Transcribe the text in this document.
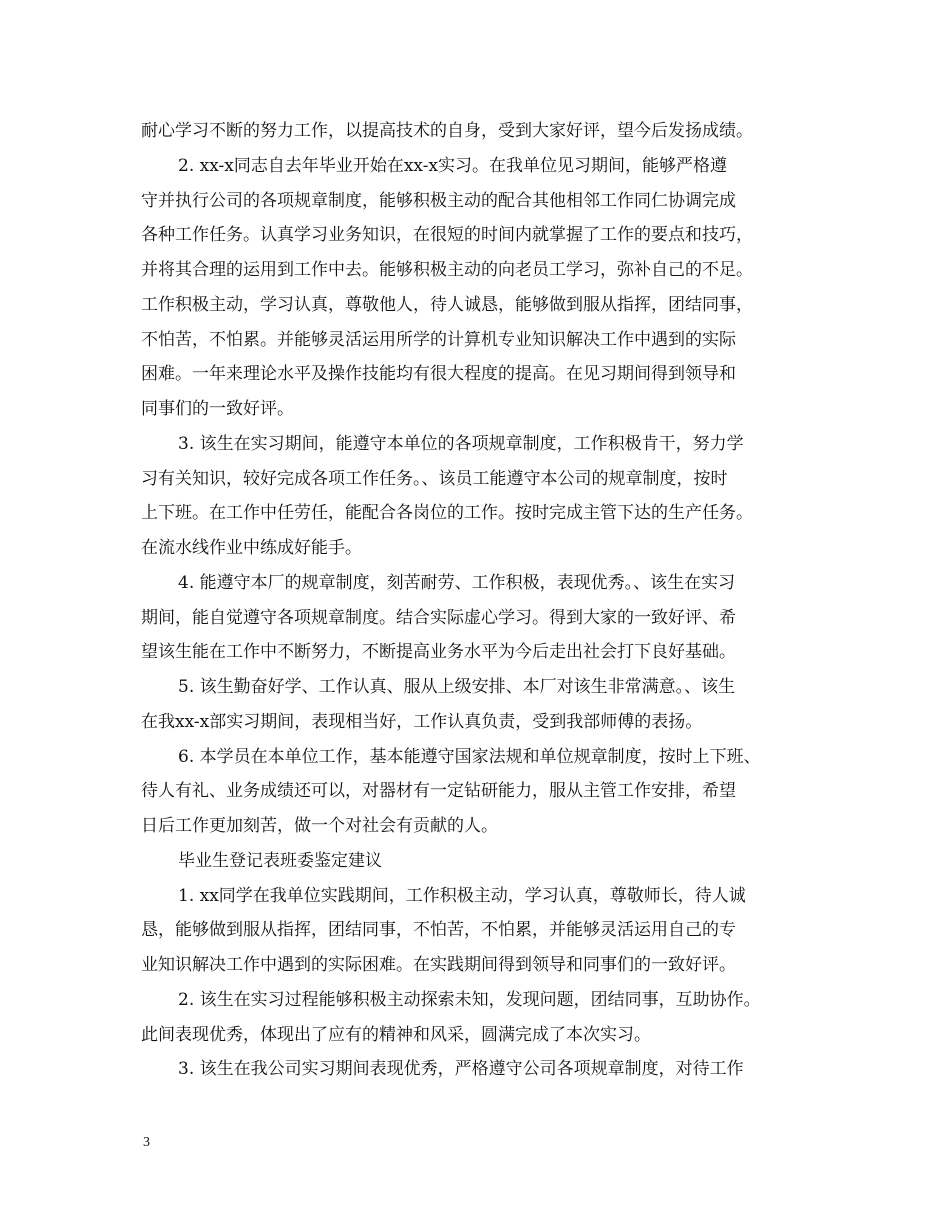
耐心学习不断的努力工作，以提高技术的自身，受到大家好评，望今后发扬成绩。
2. xx-x同志自去年毕业开始在xx-x实习。在我单位见习期间，能够严格遵
守并执行公司的各项规章制度，能够积极主动的配合其他相邻工作同仁协调完成
各种工作任务。认真学习业务知识，在很短的时间内就掌握了工作的要点和技巧，
并将其合理的运用到工作中去。能够积极主动的向老员工学习，弥补自己的不足。
工作积极主动，学习认真，尊敬他人，待人诚恳，能够做到服从指挥，团结同事，
不怕苦，不怕累。并能够灵活运用所学的计算机专业知识解决工作中遇到的实际
困难。一年来理论水平及操作技能均有很大程度的提高。在见习期间得到领导和
同事们的一致好评。
3. 该生在实习期间，能遵守本单位的各项规章制度，工作积极肯干，努力学
习有关知识，较好完成各项工作任务。、该员工能遵守本公司的规章制度，按时
上下班。在工作中任劳任，能配合各岗位的工作。按时完成主管下达的生产任务。
在流水线作业中练成好能手。
4. 能遵守本厂的规章制度，刻苦耐劳、工作积极，表现优秀。、该生在实习
期间，能自觉遵守各项规章制度。结合实际虚心学习。得到大家的一致好评、希
望该生能在工作中不断努力，不断提高业务水平为今后走出社会打下良好基础。
5. 该生勤奋好学、工作认真、服从上级安排、本厂对该生非常满意。、该生
在我xx-x部实习期间，表现相当好，工作认真负责，受到我部师傅的表扬。
6. 本学员在本单位工作，基本能遵守国家法规和单位规章制度，按时上下班、
待人有礼、业务成绩还可以，对器材有一定钻研能力，服从主管工作安排，希望
日后工作更加刻苦，做一个对社会有贡献的人。
毕业生登记表班委鉴定建议
1. xx同学在我单位实践期间，工作积极主动，学习认真，尊敬师长，待人诚
恳，能够做到服从指挥，团结同事，不怕苦，不怕累，并能够灵活运用自己的专
业知识解决工作中遇到的实际困难。在实践期间得到领导和同事们的一致好评。
2. 该生在实习过程能够积极主动探索未知，发现问题，团结同事，互助协作。
此间表现优秀，体现出了应有的精神和风采，圆满完成了本次实习。
3. 该生在我公司实习期间表现优秀，严格遵守公司各项规章制度，对待工作
3
